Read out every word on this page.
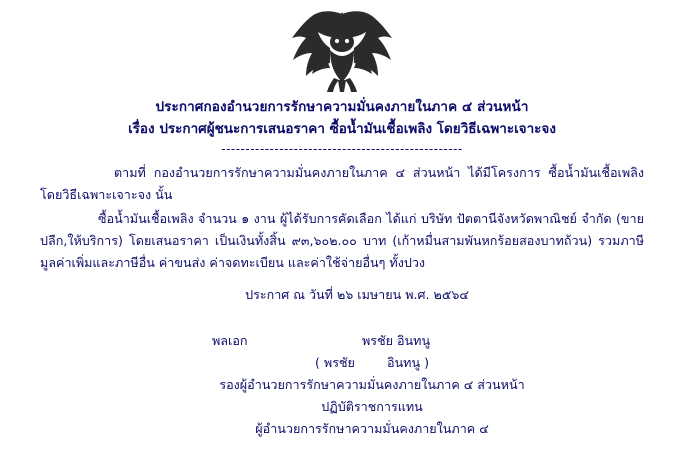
ประกาศกองอำนวยการรักษาความมั่นคงภายในภาค ๔ ส่วนหน้า
เรื่อง ประกาศผู้ชนะการเสนอราคา ซื้อน้ำมันเชื้อเพลิง โดยวิธีเฉพาะเจาะจง
--------------------------------------------------

ตามที่ กองอำนวยการรักษาความมั่นคงภายในภาค ๔ ส่วนหน้า ได้มีโครงการ ซื้อน้ำมันเชื้อเพลิง โดยวิธีเฉพาะเจาะจง นั้น

ซื้อน้ำมันเชื้อเพลิง จำนวน ๑ งาน ผู้ได้รับการคัดเลือก ได้แก่ บริษัท ปัตตานีจังหวัดพาณิชย์ จำกัด (ขายปลีก,ให้บริการ) โดยเสนอราคา เป็นเงินทั้งสิ้น ๙๓,๖๐๒.๐๐ บาท (เก้าหมื่นสามพันหกร้อยสองบาทถ้วน) รวมภาษีมูลค่าเพิ่มและภาษีอื่น ค่าขนส่ง ค่าจดทะเบียน และค่าใช้จ่ายอื่นๆ ทั้งปวง

ประกาศ ณ วันที่ ๒๖ เมษายน พ.ศ. ๒๕๖๔
พลเอก	พรชัย อินทนู
( พรชัย	อินทนู )
รองผู้อำนวยการรักษาความมั่นคงภายในภาค ๔ ส่วนหน้า
ปฏิบัติราชการแทน
ผู้อำนวยการรักษาความมั่นคงภายในภาค ๔
